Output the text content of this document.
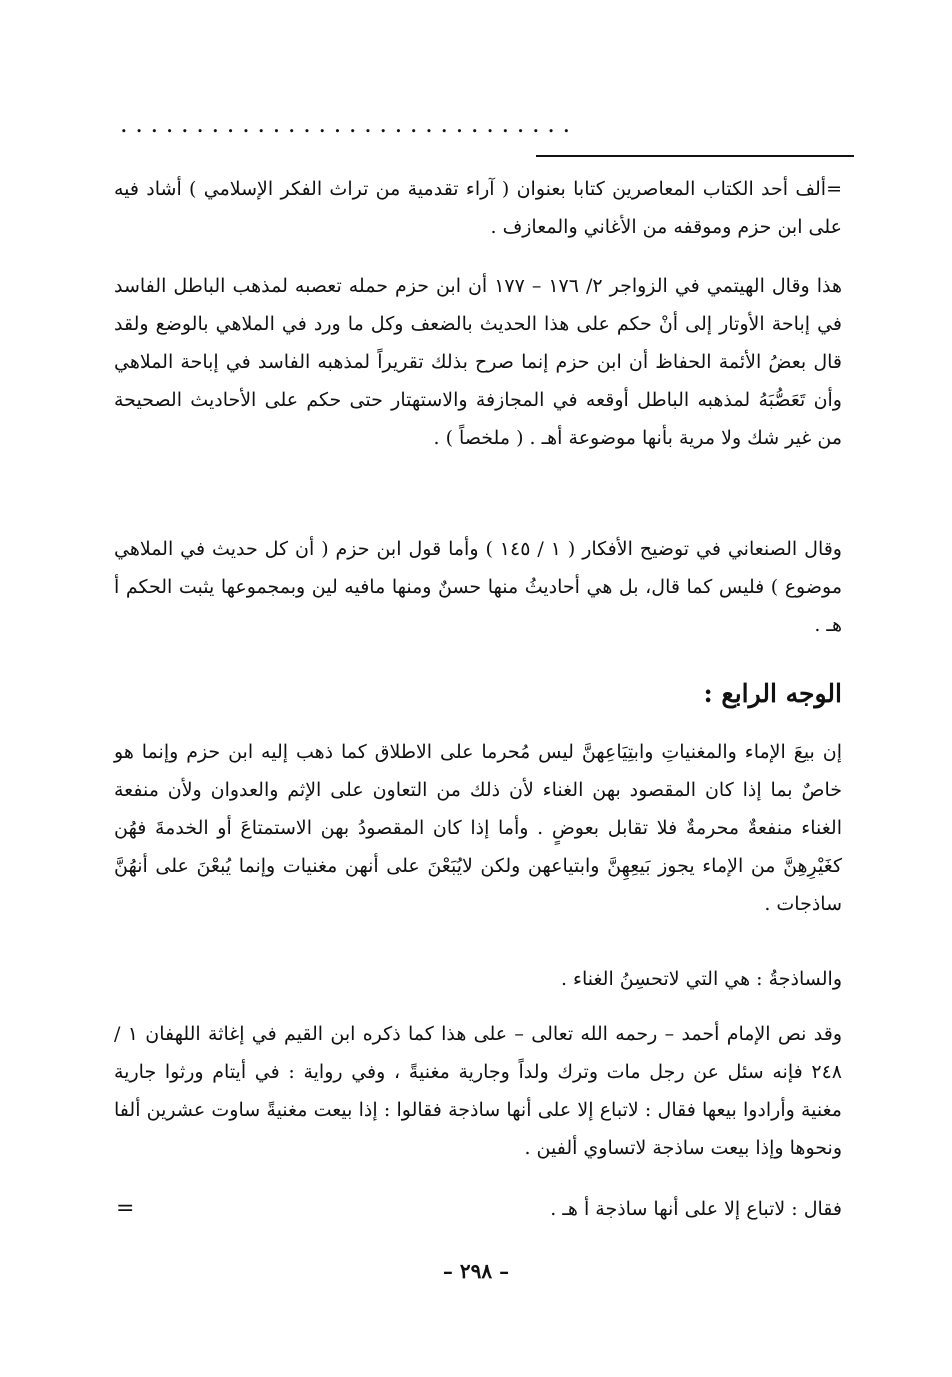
. . . . . . . . . . . . . . . . . . . . . . . . . . . . . .

=ألف أحد الكتاب المعاصرين كتابا بعنوان ( آراء تقدمية من تراث الفكر الإسلامي ) أشاد فيه على ابن حزم وموقفه من الأغاني والمعازف .

هذا وقال الهيتمي في الزواجر ٢/ ١٧٦ – ١٧٧ أن ابن حزم حمله تعصبه لمذهب الباطل الفاسد في إباحة الأوتار إلى أنْ حكم على هذا الحديث بالضعف وكل ما ورد في الملاهي بالوضع ولقد قال بعضُ الأئمة الحفاظ أن ابن حزم إنما صرح بذلك تقريراً لمذهبه الفاسد في إباحة الملاهي وأن تَعَصُّبَهُ لمذهبه الباطل أوقعه في المجازفة والاستهتار حتى حكم على الأحاديث الصحيحة من غير شك ولا مرية بأنها موضوعة أهـ . ( ملخصاً ) .

وقال الصنعاني في توضيح الأفكار ( ١ / ١٤٥ ) وأما قول ابن حزم ( أن كل حديث في الملاهي موضوع ) فليس كما قال، بل هي أحاديثُ منها حسنٌ ومنها مافيه لين وبمجموعها يثبت الحكم أ هـ .

الوجه الرابع :

إن بيعَ الإماء والمغنياتِ وابتِيَاعِهنَّ ليس مُحرما على الاطلاق كما ذهب إليه ابن حزم وإنما هو خاصٌ بما إذا كان المقصود بهن الغناء لأن ذلك من التعاون على الإثم والعدوان ولأن منفعة الغناء منفعةٌ محرمةٌ فلا تقابل بعوضٍ . وأما إذا كان المقصودُ بهن الاستمتاعَ أو الخدمةَ فهُن كغَيْرِهِنَّ من الإماء يجوز بَيعِهِنَّ وابتياعهن ولكن لايُبَعْنَ على أنهن مغنيات وإنما يُبعْنَ على أنهُنَّ ساذجات .

والساذجةُ : هي التي لاتحسِنُ الغناء .

وقد نص الإمام أحمد – رحمه الله تعالى – على هذا كما ذكره ابن القيم في إغاثة اللهفان ١ / ٢٤٨ فإنه سئل عن رجل مات وترك ولداً وجارية مغنيةً ، وفي رواية : في أيتام ورثوا جارية مغنية وأرادوا بيعها فقال : لاتباع إلا على أنها ساذجة فقالوا : إذا بيعت مغنيةً ساوت عشرين ألفا ونحوها وإذا بيعت ساذجة لاتساوي ألفين .

فقال : لاتباع إلا على أنها ساذجة أ هـ .

=
– ٢٩٨ –
